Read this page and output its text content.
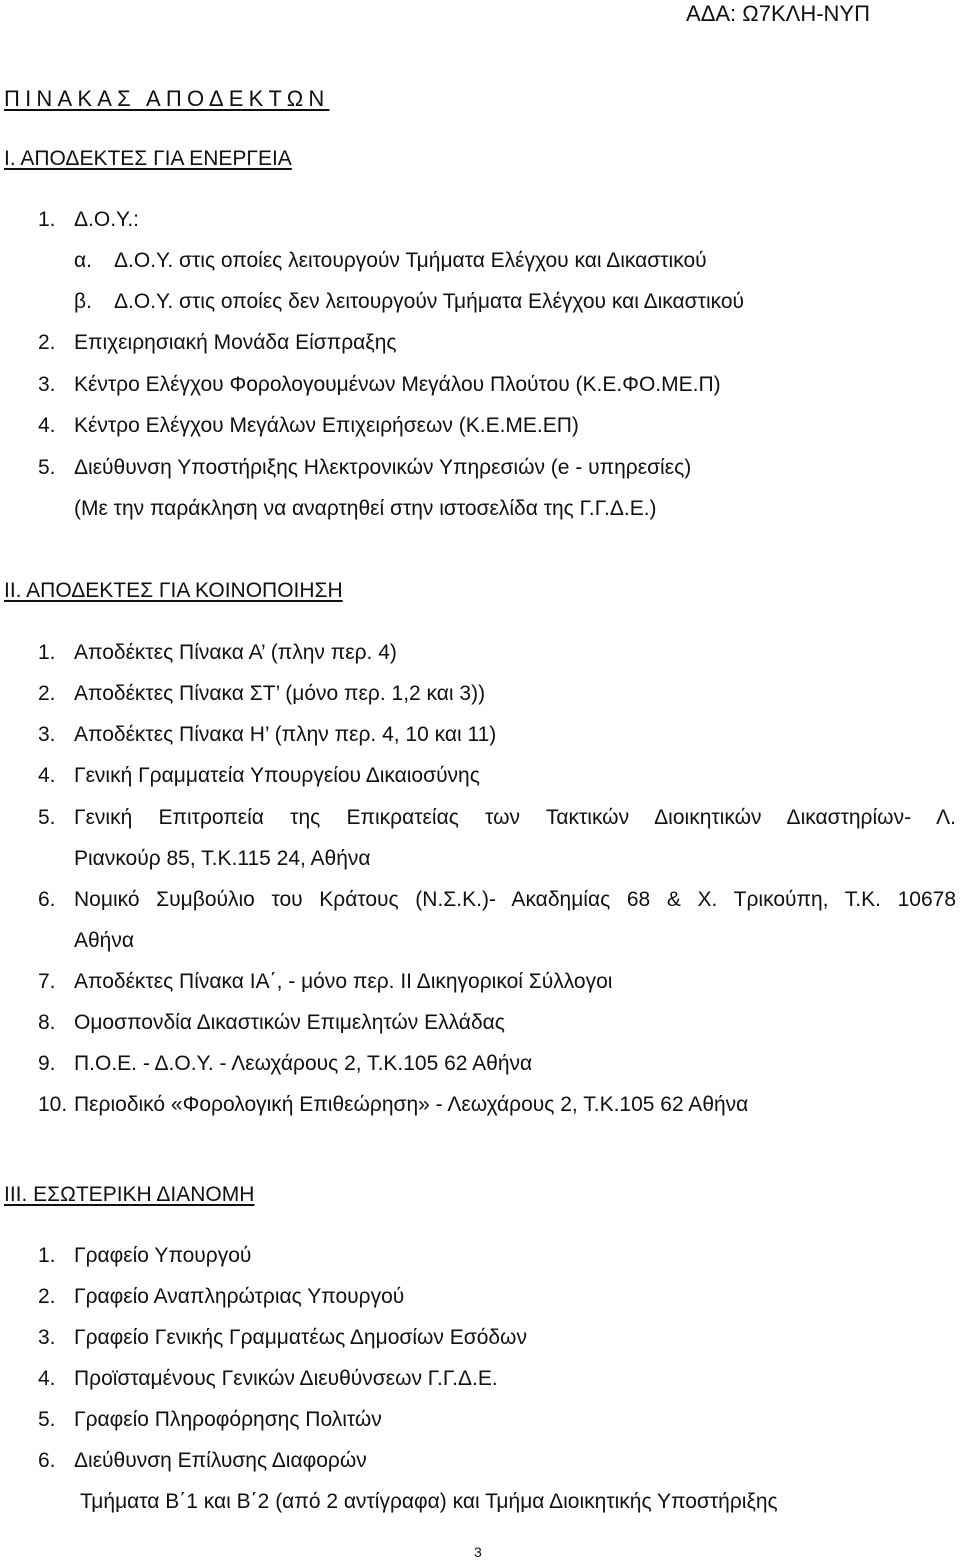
ΑΔΑ: Ω7ΚΛΗ-ΝΥΠ
ΠΙΝΑΚΑΣ ΑΠΟΔΕΚΤΩΝ
Ι. ΑΠΟΔΕΚΤΕΣ ΓΙΑ ΕΝΕΡΓΕΙΑ
1. Δ.Ο.Υ.:
α. Δ.Ο.Υ. στις οποίες λειτουργούν Τμήματα Ελέγχου και Δικαστικού
β. Δ.Ο.Υ. στις οποίες δεν λειτουργούν Τμήματα Ελέγχου και Δικαστικού
2. Επιχειρησιακή Μονάδα Είσπραξης
3. Κέντρο Ελέγχου Φορολογουμένων Μεγάλου Πλούτου (Κ.Ε.ΦΟ.ΜΕ.Π)
4. Κέντρο Ελέγχου Μεγάλων Επιχειρήσεων (Κ.Ε.ΜΕ.ΕΠ)
5. Διεύθυνση Υποστήριξης Ηλεκτρονικών Υπηρεσιών (e - υπηρεσίες)
(Με την παράκληση να αναρτηθεί στην ιστοσελίδα της Γ.Γ.Δ.Ε.)
ΙΙ. ΑΠΟΔΕΚΤΕΣ ΓΙΑ ΚΟΙΝΟΠΟΙΗΣΗ
1. Αποδέκτες Πίνακα Α’ (πλην περ. 4)
2. Αποδέκτες Πίνακα ΣΤ’ (μόνο περ. 1,2 και 3))
3. Αποδέκτες Πίνακα Η’ (πλην περ. 4, 10 και 11)
4. Γενική Γραμματεία Υπουργείου Δικαιοσύνης
5. Γενική Επιτροπεία της Επικρατείας των Τακτικών Διοικητικών Δικαστηρίων- Λ.
Ριανκούρ 85, Τ.Κ.115 24, Αθήνα
6. Νομικό Συμβούλιο του Κράτους (Ν.Σ.Κ.)- Ακαδημίας 68 & Χ. Τρικούπη, Τ.Κ. 10678
Αθήνα
7. Αποδέκτες Πίνακα ΙΑ΄, - μόνο περ. ΙΙ Δικηγορικοί Σύλλογοι
8. Ομοσπονδία Δικαστικών Επιμελητών Ελλάδας
9. Π.Ο.Ε. - Δ.Ο.Υ. - Λεωχάρους 2, Τ.Κ.105 62 Αθήνα
10. Περιοδικό «Φορολογική Επιθεώρηση» - Λεωχάρους 2, Τ.Κ.105 62 Αθήνα
ΙΙΙ. ΕΣΩΤΕΡΙΚΗ ΔΙΑΝΟΜΗ
1. Γραφείο Υπουργού
2. Γραφείο Αναπληρώτριας Υπουργού
3. Γραφείο Γενικής Γραμματέως Δημοσίων Εσόδων
4. Προϊσταμένους Γενικών Διευθύνσεων Γ.Γ.Δ.Ε.
5. Γραφείο Πληροφόρησης Πολιτών
6. Διεύθυνση Επίλυσης Διαφορών
Τμήματα Β΄1 και Β΄2 (από 2 αντίγραφα) και Τμήμα Διοικητικής Υποστήριξης
3
